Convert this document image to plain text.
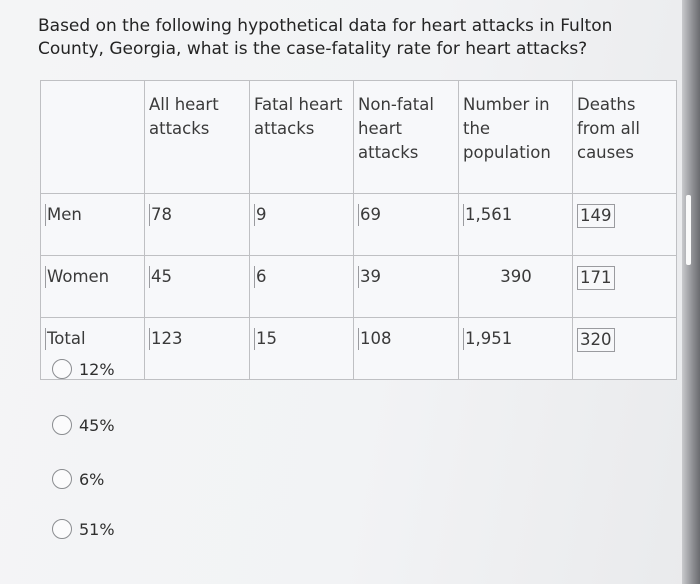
Based on the following hypothetical data for heart attacks in Fulton County, Georgia, what is the case-fatality rate for heart attacks?
	All heart attacks	Fatal heart attacks	Non-fatal heart attacks	Number in the population	Deaths from all causes
Men	78	9	69	1,561	149
Women	45	6	39	390	171
Total	123	15	108	1,951	320
12%
45%
6%
51%
